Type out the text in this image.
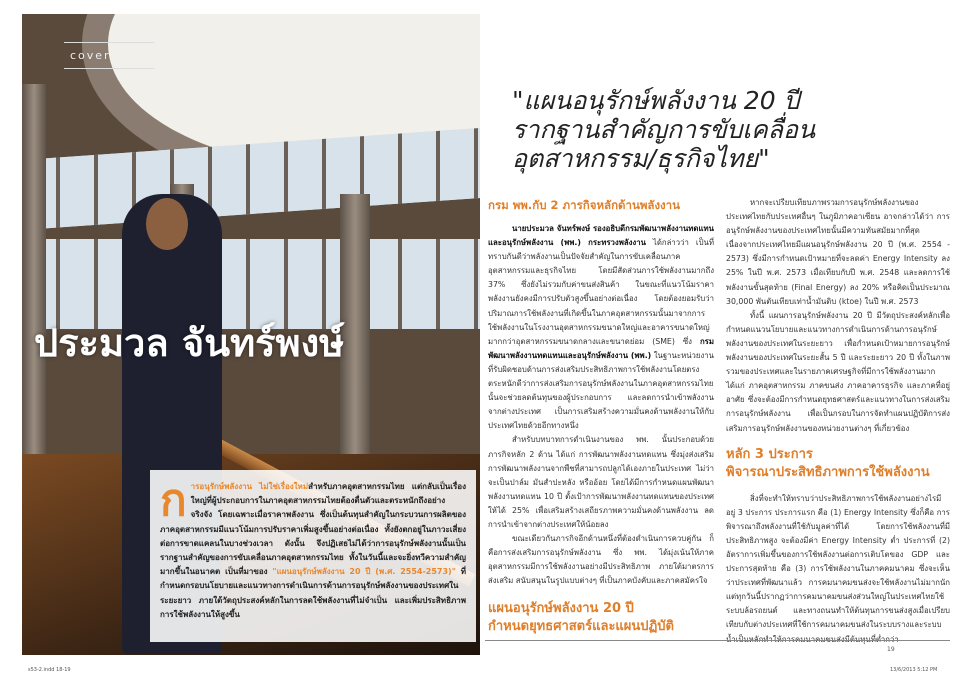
cover
ประมวล จันทร์พงษ์
การอนุรักษ์พลังงาน ไม่ใช่เรื่องใหม่สำหรับภาคอุตสาหกรรมไทย แต่กลับเป็นเรื่องใหญ่ที่ผู้ประกอบการในภาคอุตสาหกรรมไทยต้องตื่นตัวและตระหนักถึงอย่างจริงจัง โดยเฉพาะเมื่อราคาพลังงาน ซึ่งเป็นต้นทุนสำคัญในกระบวนการผลิตของภาคอุตสาหกรรมมีแนวโน้มการปรับราคาเพิ่มสูงขึ้นอย่างต่อเนื่อง ทั้งยังตกอยู่ในภาวะเสี่ยงต่อการขาดแคลนในบางช่วงเวลา ดังนั้น จึงปฏิเสธไม่ได้ว่าการอนุรักษ์พลังงานนั้นเป็นรากฐานสำคัญของการขับเคลื่อนภาคอุตสาหกรรมไทย ทั้งในวันนี้และจะยิ่งทวีความสำคัญมากขึ้นในอนาคต เป็นที่มาของ "แผนอนุรักษ์พลังงาน 20 ปี (พ.ศ. 2554-2573)" ที่กำหนดกรอบนโยบายและแนวทางการดำเนินการด้านการอนุรักษ์พลังงานของประเทศในระยะยาว ภายใต้วัตถุประสงค์หลักในการลดใช้พลังงานที่ไม่จำเป็น และเพิ่มประสิทธิภาพการใช้พลังงานให้สูงขึ้น
"แผนอนุรักษ์พลังงาน 20 ปี
รากฐานสำคัญการขับเคลื่อน
อุตสาหกรรม/ธุรกิจไทย"
กรม พพ.กับ 2 ภารกิจหลักด้านพลังงาน

นายประมวล จันทร์พงษ์ รองอธิบดีกรมพัฒนาพลังงานทดแทนและอนุรักษ์พลังงาน (พพ.) กระทรวงพลังงาน ได้กล่าวว่า เป็นที่ทราบกันดีว่าพลังงานเป็นปัจจัยสำคัญในการขับเคลื่อนภาคอุตสาหกรรมและธุรกิจไทย โดยมีสัดส่วนการใช้พลังงานมากถึง 37% ซึ่งยังไม่รวมกับค่าขนส่งสินค้า ในขณะที่แนวโน้มราคาพลังงานยังคงมีการปรับตัวสูงขึ้นอย่างต่อเนื่อง โดยต้องยอมรับว่าปริมาณการใช้พลังงานที่เกิดขึ้นในภาคอุตสาหกรรมนั้นมาจากการใช้พลังงานในโรงงานอุตสาหกรรมขนาดใหญ่และอาคารขนาดใหญ่มากกว่าอุตสาหกรรมขนาดกลางและขนาดย่อม (SME) ซึ่ง กรมพัฒนาพลังงานทดแทนและอนุรักษ์พลังงาน (พพ.) ในฐานะหน่วยงานที่รับผิดชอบด้านการส่งเสริมประสิทธิภาพการใช้พลังงานโดยตรง ตระหนักดีว่าการส่งเสริมการอนุรักษ์พลังงานในภาคอุตสาหกรรมไทยนั้นจะช่วยลดต้นทุนของผู้ประกอบการ และลดการนำเข้าพลังงานจากต่างประเทศ เป็นการเสริมสร้างความมั่นคงด้านพลังงานให้กับประเทศไทยด้วยอีกทางหนึ่ง

สำหรับบทบาทการดำเนินงานของ พพ. นั้นประกอบด้วยภารกิจหลัก 2 ด้าน ได้แก่ การพัฒนาพลังงานทดแทน ซึ่งมุ่งส่งเสริมการพัฒนาพลังงานจากพืชที่สามารถปลูกได้เองภายในประเทศ ไม่ว่าจะเป็นปาล์ม มันสำปะหลัง หรืออ้อย โดยได้มีการกำหนดแผนพัฒนาพลังงานทดแทน 10 ปี ตั้งเป้าการพัฒนาพลังงานทดแทนของประเทศให้ได้ 25% เพื่อเสริมสร้างเสถียรภาพความมั่นคงด้านพลังงาน ลดการนำเข้าจากต่างประเทศให้น้อยลง

ขณะเดียวกันภารกิจอีกด้านหนึ่งที่ต้องดำเนินการควบคู่กัน ก็คือการส่งเสริมการอนุรักษ์พลังงาน ซึ่ง พพ. ได้มุ่งเน้นให้ภาคอุตสาหกรรมมีการใช้พลังงานอย่างมีประสิทธิภาพ ภายใต้มาตรการส่งเสริม สนับสนุนในรูปแบบต่างๆ ที่เป็นภาคบังคับและภาคสมัครใจ

แผนอนุรักษ์พลังงาน 20 ปี
กำหนดยุทธศาสตร์และแผนปฏิบัติ

หากจะเปรียบเทียบภาพรวมการอนุรักษ์พลังงานของประเทศไทยกับประเทศอื่นๆ ในภูมิภาคอาเซียน อาจกล่าวได้ว่า การอนุรักษ์พลังงานของประเทศไทยนั้นมีความทันสมัยมากที่สุด เนื่องจากประเทศไทยมีแผนอนุรักษ์พลังงาน 20 ปี (พ.ศ. 2554 - 2573) ซึ่งมีการกำหนดเป้าหมายที่จะลดค่า Energy Intensity ลง 25% ในปี พ.ศ. 2573 เมื่อเทียบกับปี พ.ศ. 2548 และลดการใช้พลังงานขั้นสุดท้าย (Final Energy) ลง 20% หรือคิดเป็นประมาณ 30,000 พันตันเทียบเท่าน้ำมันดิบ (ktoe) ในปี พ.ศ. 2573

ทั้งนี้ แผนการอนุรักษ์พลังงาน 20 ปี มีวัตถุประสงค์หลักเพื่อกำหนดแนวนโยบายและแนวทางการดำเนินการด้านการอนุรักษ์พลังงานของประเทศในระยะยาว เพื่อกำหนดเป้าหมายการอนุรักษ์พลังงานของประเทศในระยะสั้น 5 ปี และระยะยาว 20 ปี ทั้งในภาพรวมของประเทศและในรายภาคเศรษฐกิจที่มีการใช้พลังงานมาก ได้แก่ ภาคอุตสาหกรรม ภาคขนส่ง ภาคอาคารธุรกิจ และภาคที่อยู่อาศัย ซึ่งจะต้องมีการกำหนดยุทธศาสตร์และแนวทางในการส่งเสริมการอนุรักษ์พลังงาน เพื่อเป็นกรอบในการจัดทำแผนปฏิบัติการส่งเสริมการอนุรักษ์พลังงานของหน่วยงานต่างๆ ที่เกี่ยวข้อง

หลัก 3 ประการ
พิจารณาประสิทธิภาพการใช้พลังงาน

สิ่งที่จะทำให้ทราบว่าประสิทธิภาพการใช้พลังงานอย่างไรมีอยู่ 3 ประการ ประการแรก คือ (1) Energy Intensity ซึ่งก็คือ การพิจารณาถึงพลังงานที่ใช้กับมูลค่าที่ได้ โดยการใช้พลังงานที่มีประสิทธิภาพสูง จะต้องมีค่า Energy Intensity ต่ำ ประการที่ (2) อัตราการเพิ่มขึ้นของการใช้พลังงานต่อการเติบโตของ GDP และประการสุดท้าย คือ (3) การใช้พลังงานในภาคคมนาคม ซึ่งจะเห็นว่าประเทศที่พัฒนาแล้ว การคมนาคมขนส่งจะใช้พลังงานไม่มากนัก แต่ทุกวันนี้ปรากฏว่าการคมนาคมขนส่งส่วนใหญ่ในประเทศไทยใช้ระบบล้อรถยนต์ และทางถนนทำให้ต้นทุนการขนส่งสูงเมื่อเปรียบเทียบกับต่างประเทศที่ใช้การคมนาคมขนส่งในระบบรางและระบบ

19
s53-2.indd 18-19	13/6/2013 5:12 PM
